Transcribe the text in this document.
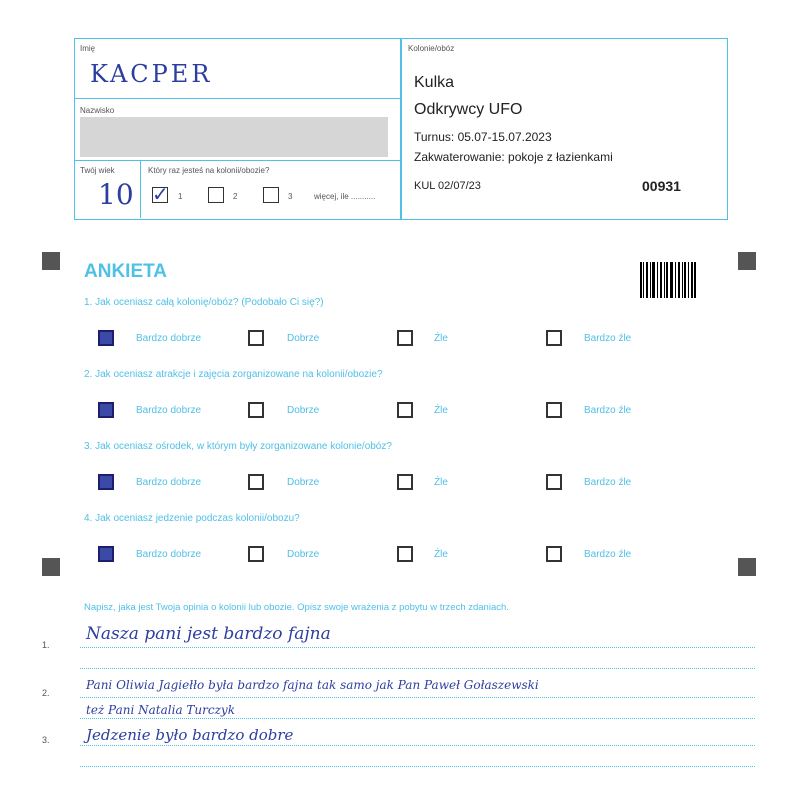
Imię
KACPER
Nazwisko
Twój wiek
10
Który raz jesteś na kolonii/obozie?
✓ 1	2	3	więcej, ile ...........
Kolonie/obóz
Kulka
Odkrywcy UFO
Turnus: 05.07-15.07.2023
Zakwaterowanie: pokoje z łazienkami
KUL 02/07/23	00931
ANKIETA
1. Jak oceniasz całą kolonię/obóz? (Podobało Ci się?)
Bardzo dobrze	Dobrze	Źle	Bardzo źle
2. Jak oceniasz atrakcje i zajęcia zorganizowane na kolonii/obozie?
Bardzo dobrze	Dobrze	Źle	Bardzo źle
3. Jak oceniasz ośrodek, w którym były zorganizowane kolonie/obóz?
Bardzo dobrze	Dobrze	Źle	Bardzo źle
4. Jak oceniasz jedzenie podczas kolonii/obozu?
Bardzo dobrze	Dobrze	Źle	Bardzo źle
Napisz, jaka jest Twoja opinia o kolonii lub obozie. Opisz swoje wrażenia z pobytu w trzech zdaniach.
1.
Nasza pani jest bardzo fajna
2.
Pani Oliwia Jagiełło była bardzo fajna tak samo jak Pan Paweł Gołaszewski
też Pani Natalia Turczyk
3. Jedzenie było bardzo dobre
